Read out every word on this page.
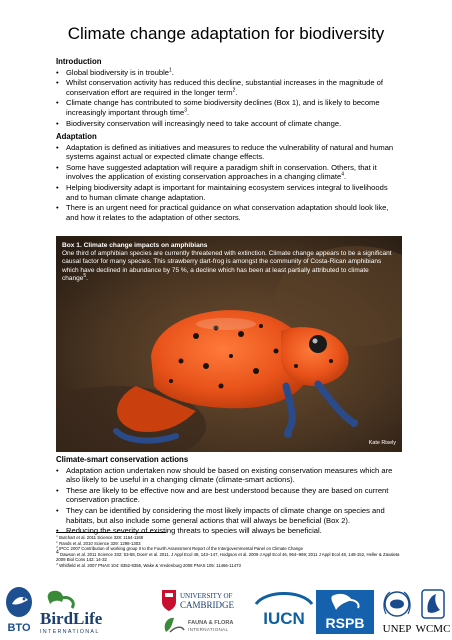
Climate change adaptation for biodiversity
Introduction
• Global biodiversity is in trouble$^1$.
• Whilst conservation activity has reduced this decline, substantial increases in the magnitude of conservation effort are required in the longer term$^2$.
• Climate change has contributed to some biodiversity declines (Box 1), and is likely to become increasingly important through time$^3$.
• Biodiversity conservation will increasingly need to take account of climate change.
Adaptation
• Adaptation is defined as initiatives and measures to reduce the vulnerability of natural and human systems against actual or expected climate change effects.
• Some have suggested adaptation will require a paradigm shift in conservation. Others, that it involves the application of existing conservation approaches in a changing climate$^4$.
• Helping biodiversity adapt is important for maintaining ecosystem services integral to livelihoods and to human climate change adaptation.
• There is an urgent need for practical guidance on what conservation adaptation should look like, and how it relates to the adaptation of other sectors.
Box 1. Climate change impacts on amphibians
One third of amphibian species are currently threatened with extinction. Climate change appears to be a significant causal factor for many species. This strawberry dart-frog is amongst the community of Costa-Rican amphibians which have declined in abundance by 75 %, a decline which has been at least partially attributed to climate change$^5$.
Kate Risely
Climate-smart conservation actions
• Adaptation action undertaken now should be based on existing conservation measures which are also likely to be useful in a changing climate (climate-smart actions).
• These are likely to be effective now and are best understood because they are based on current conservation practice.
• They can be identified by considering the most likely impacts of climate change on species and habitats, but also include some general actions that will always be beneficial (Box 2).
• Reducing the severity of existing threats to species will always be beneficial.
$^1$ Butchart et al. 2011 Science 328: 1164-1168
$^2$ Rands et al. 2010 Science 329: 1298-1303
$^3$ IPCC 2007 Contribution of working group II to the Fourth Assessment Report of the Intergovernmental Panel on Climate Change
$^4$ Dawson et al. 2011 Science 332: 53-58, Doerr et al. 2011. J Appl Ecol 48, 143–147, Hodgson et al. 2009 J Appl Ecol 46, 964–969; 2011 J Appl Ecol 48, 148-152, Heller & Zavaleta 2009 Biol Cons 142: 14-32
$^5$ Whitfield et al. 2007 PNAS 104: 8352-8356, Wake & Vredenburg 2008 PNAS 105: 11466-11473
BTO BirdLife
INTERNATIONAL
UNIVERSITY OF
CAMBRIDGE
FAUNA & FLORA
INTERNATIONAL
IUCN RSPB UNEP WCMC
